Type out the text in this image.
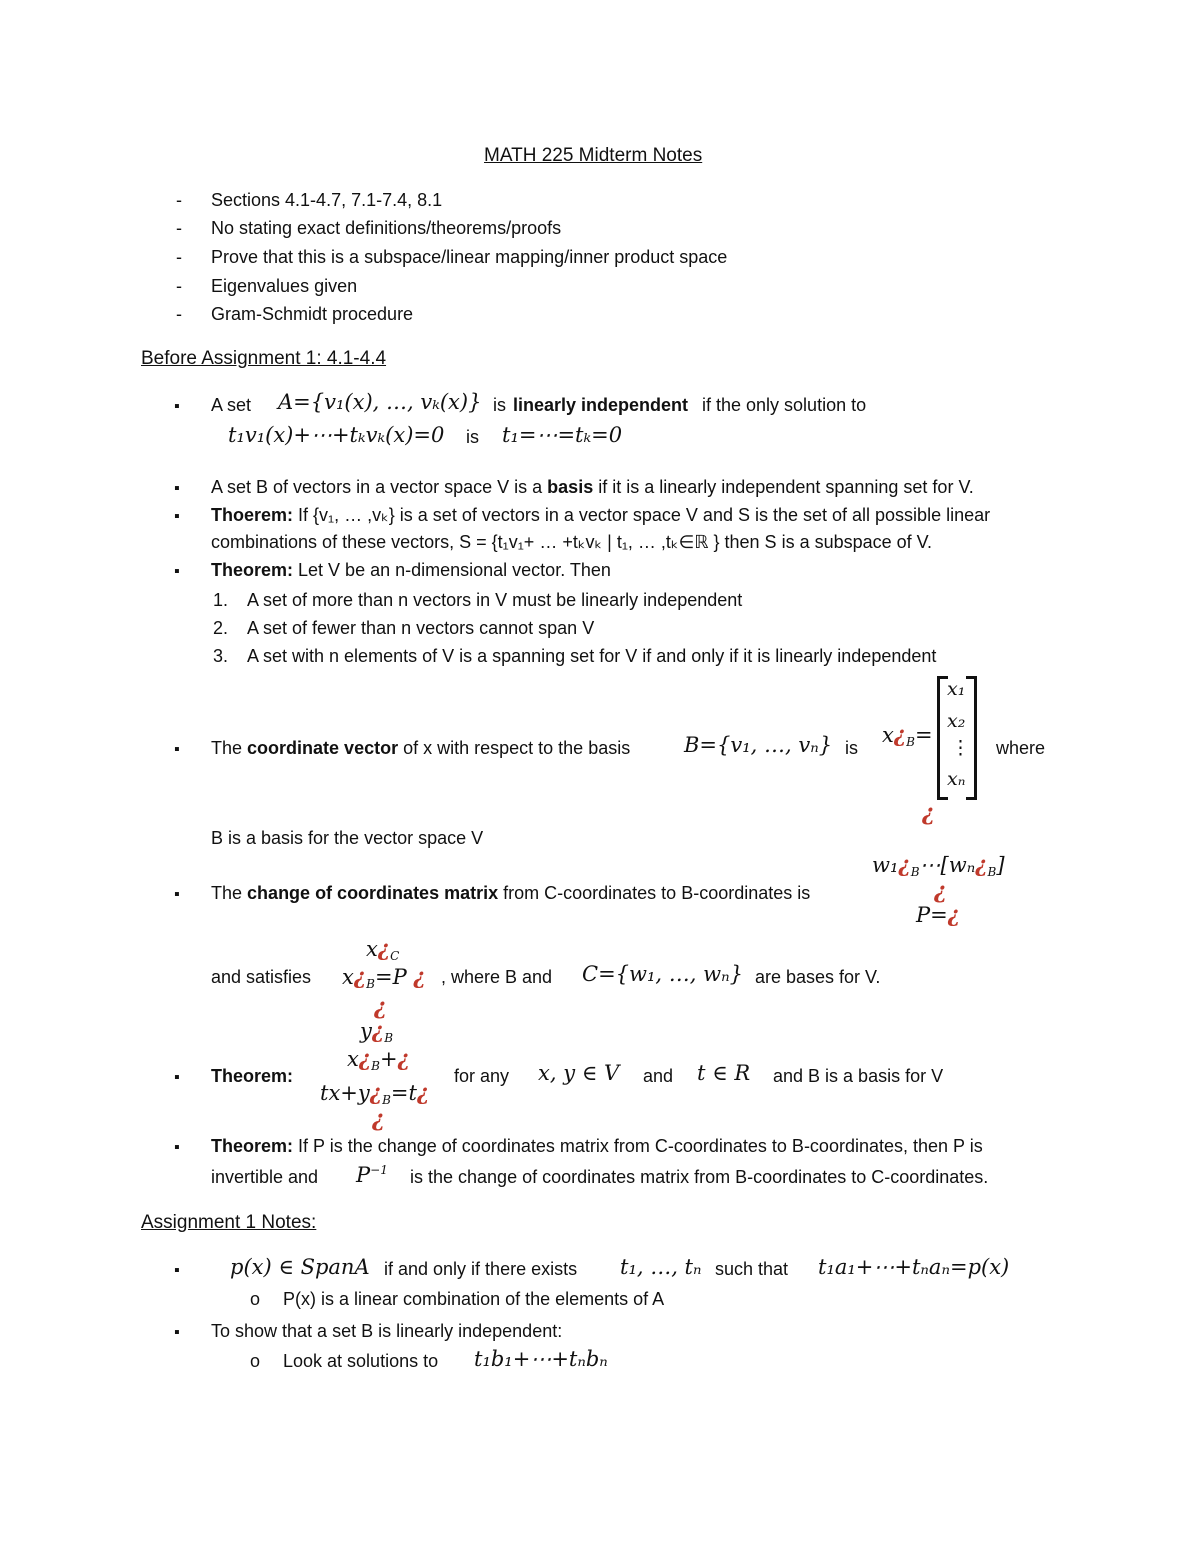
MATH 225 Midterm Notes
- Sections 4.1-4.7, 7.1-7.4, 8.1
- No stating exact definitions/theorems/proofs
- Prove that this is a subspace/linear mapping/inner product space
- Eigenvalues given
- Gram-Schmidt procedure
Before Assignment 1: 4.1-4.4
▪ A set A={v₁(x), …, vₖ(x)} is linearly independent if the only solution to
t₁v₁(x)+⋯+tₖvₖ(x)=0 is t₁=⋯=tₖ=0
▪ A set B of vectors in a vector space V is a basis if it is a linearly independent spanning set for V.
▪ Thoerem: If {v₁, … ,vₖ} is a set of vectors in a vector space V and S is the set of all possible linear
combinations of these vectors, S = {t₁v₁+ … +tₖvₖ | t₁, … ,tₖ∈ℝ } then S is a subspace of V.
▪ Theorem: Let V be an n-dimensional vector. Then
1. A set of more than n vectors in V must be linearly independent
2. A set of fewer than n vectors cannot span V
3. A set with n elements of V is a spanning set for V if and only if it is linearly independent
▪ The coordinate vector of x with respect to the basis	B={v₁, …, vₙ} is
$x¿_B=$
x₁
x₂
⋮
xₙ
¿
where
B is a basis for the vector space V
$w_1¿_B\cdots[w_n¿_B]$
▪ The change of coordinates matrix from C-coordinates to B-coordinates is	¿
P=¿
$x¿_C$
and satisfies $x¿_B=P$ ¿ , where B and C={w₁, …, wₙ} are bases for V.
¿
$y¿_B$
$x¿_B+¿$
▪ Theorem:
$tx+y¿_B=t¿$
¿
for any x, y ∈ V and t ∈ R and B is a basis for V
▪ Theorem: If P is the change of coordinates matrix from C-coordinates to B-coordinates, then P is
invertible and $P^{-1}$ is the change of coordinates matrix from B-coordinates to C-coordinates.
Assignment 1 Notes:
▪ p(x) ∈ SpanA if and only if there exists t₁, …, tₙ such that t₁a₁+⋯+tₙaₙ=p(x)
o P(x) is a linear combination of the elements of A
▪ To show that a set B is linearly independent:
o Look at solutions to t₁b₁+⋯+tₙbₙ
